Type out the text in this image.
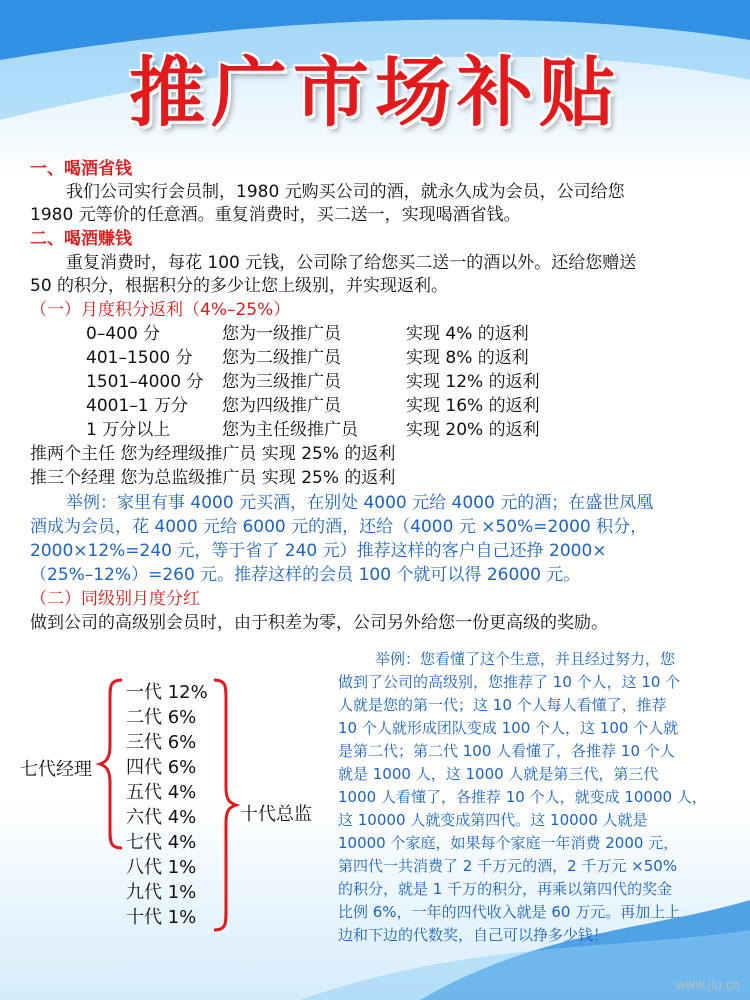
推广市场补贴
一、喝酒省钱
我们公司实行会员制，1980 元购买公司的酒，就永久成为会员，公司给您
1980 元等价的任意酒。重复消费时，买二送一，实现喝酒省钱。
二、喝酒赚钱
重复消费时，每花 100 元钱，公司除了给您买二送一的酒以外。还给您赠送
50 的积分，根据积分的多少让您上级别，并实现返利。
（一）月度积分返利（4%–25%）
0–400 分	您为一级推广员	实现 4% 的返利
401–1500 分 您为二级推广员	实现 8% 的返利
1501–4000 分 您为三级推广员	实现 12% 的返利
4001–1 万分 您为四级推广员	实现 16% 的返利
1 万分以上	您为主任级推广员	实现 20% 的返利
推两个主任 您为经理级推广员 实现 25% 的返利
推三个经理 您为总监级推广员 实现 25% 的返利
举例：家里有事 4000 元买酒，在别处 4000 元给 4000 元的酒；在盛世凤凰
酒成为会员，花 4000 元给 6000 元的酒，还给（4000 元 ×50%=2000 积分，
2000×12%=240 元，等于省了 240 元）推荐这样的客户自己还挣 2000×
（25%–12%）=260 元。推荐这样的会员 100 个就可以得 26000 元。
（二）同级别月度分红
做到公司的高级别会员时，由于积差为零，公司另外给您一份更高级的奖励。
七代经理
十代总监
一代 12%
二代 6%
三代 6%
四代 6%
五代 4%
六代 4%
七代 4%
八代 1%
九代 1%
十代 1%
举例：您看懂了这个生意，并且经过努力，您
做到了公司的高级别，您推荐了 10 个人，这 10 个
人就是您的第一代；这 10 个人每人看懂了，推荐
10 个人就形成团队变成 100 个人，这 100 个人就
是第二代；第二代 100 人看懂了，各推荐 10 个人
就是 1000 人，这 1000 人就是第三代，第三代
1000 人看懂了，各推荐 10 个人，就变成 10000 人，
这 10000 人就变成第四代。这 10000 人就是
10000 个家庭，如果每个家庭一年消费 2000 元，
第四代一共消费了 2 千万元的酒，2 千万元 ×50%
的积分，就是 1 千万的积分，再乘以第四代的奖金
比例 6%，一年的四代收入就是 60 万元。再加上上
边和下边的代数奖，自己可以挣多少钱！
www.jiu.cn
